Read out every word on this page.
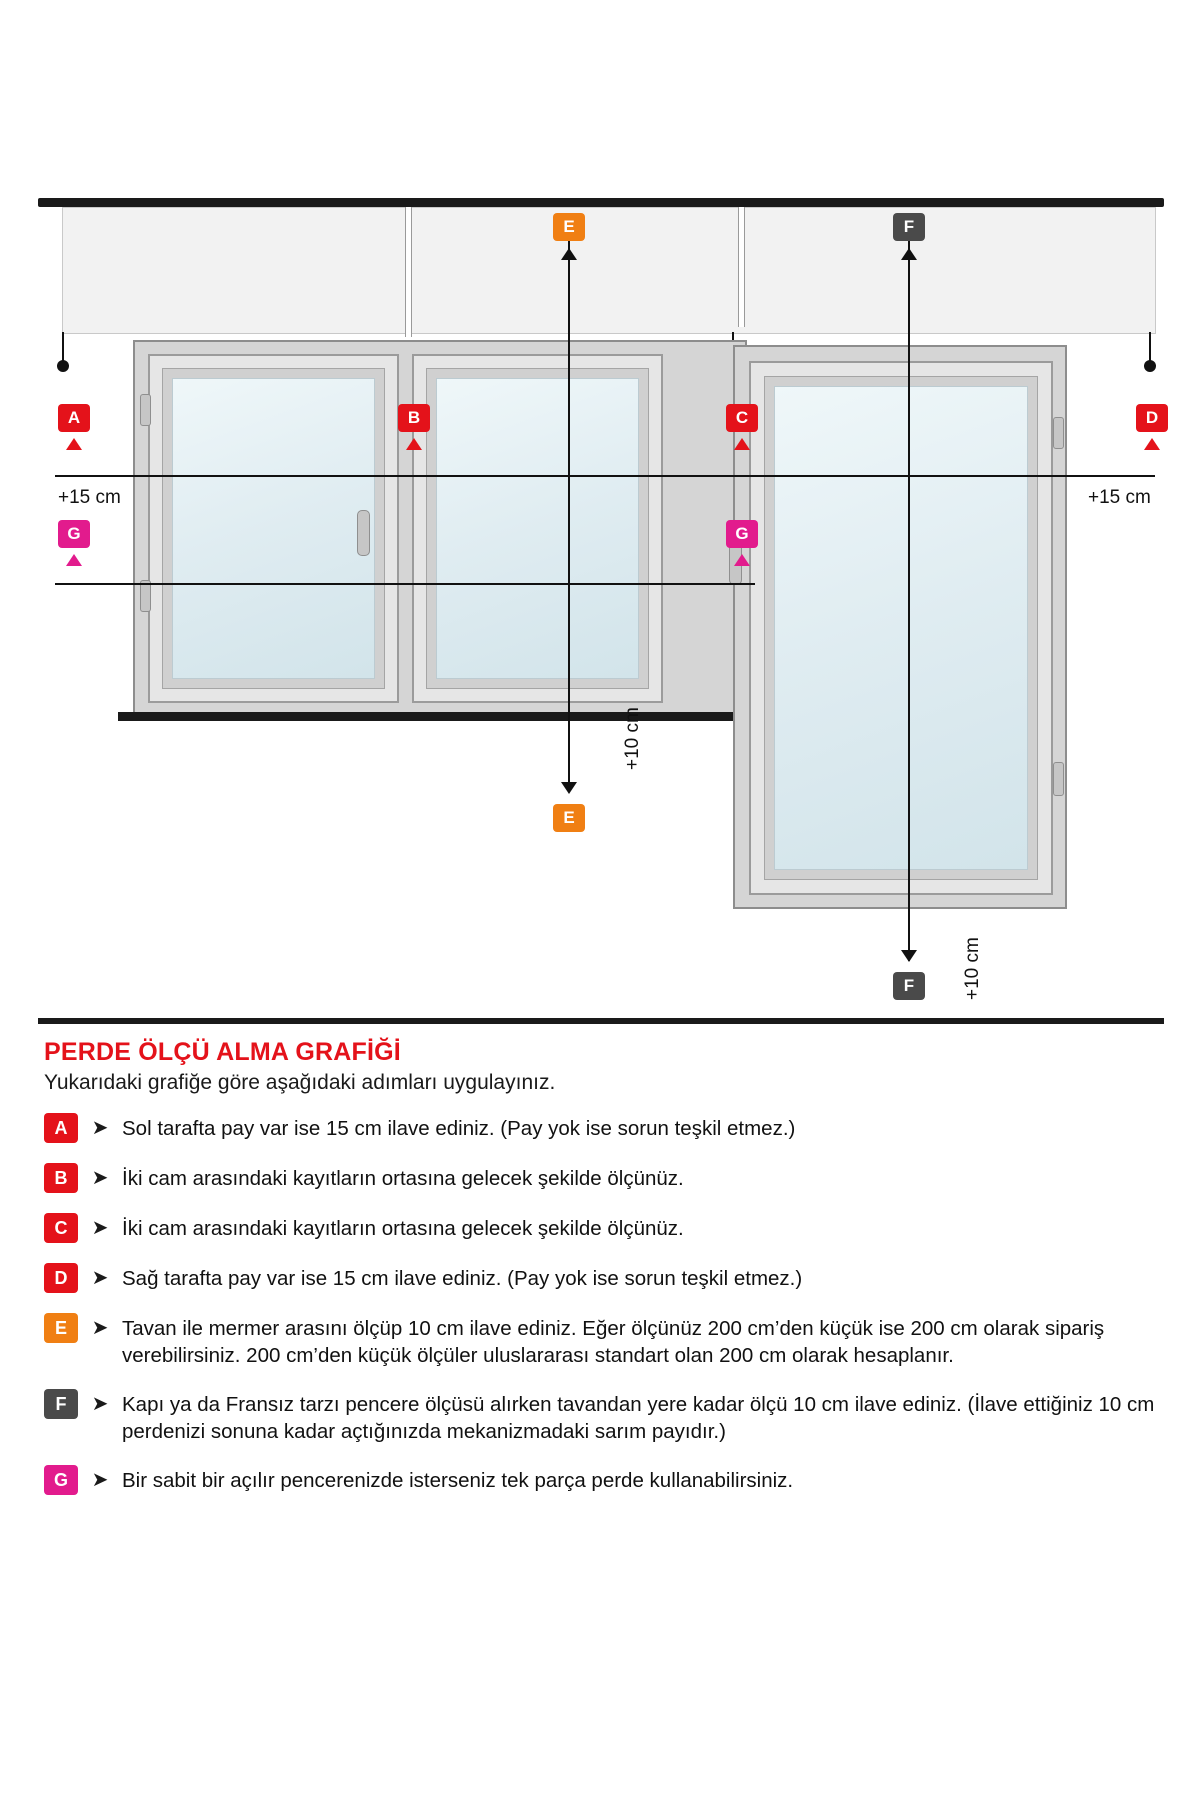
A
+15 cm
B	C	D
+15 cm
G	G
E
E
+10 cm
F
F	+10 cm
PERDE ÖLÇÜ ALMA GRAFİĞİ
Yukarıdaki grafiğe göre aşağıdaki adımları uygulayınız.
A	➤ Sol tarafta pay var ise 15 cm ilave ediniz. (Pay yok ise sorun teşkil etmez.)
B	➤ İki cam arasındaki kayıtların ortasına gelecek şekilde ölçünüz.
C	➤ İki cam arasındaki kayıtların ortasına gelecek şekilde ölçünüz.
D	➤ Sağ tarafta pay var ise 15 cm ilave ediniz. (Pay yok ise sorun teşkil etmez.)
E	➤ Tavan ile mermer arasını ölçüp 10 cm ilave ediniz. Eğer ölçünüz 200 cm’den küçük ise 200 cm olarak sipariş verebilirsiniz. 200 cm’den küçük ölçüler uluslararası standart olan 200 cm olarak hesaplanır.
F	➤ Kapı ya da Fransız tarzı pencere ölçüsü alırken tavandan yere kadar ölçü 10 cm ilave ediniz. (İlave ettiğiniz 10 cm perdenizi sonuna kadar açtığınızda mekanizmadaki sarım payıdır.)
G	➤ Bir sabit bir açılır pencerenizde isterseniz tek parça perde kullanabilirsiniz.
